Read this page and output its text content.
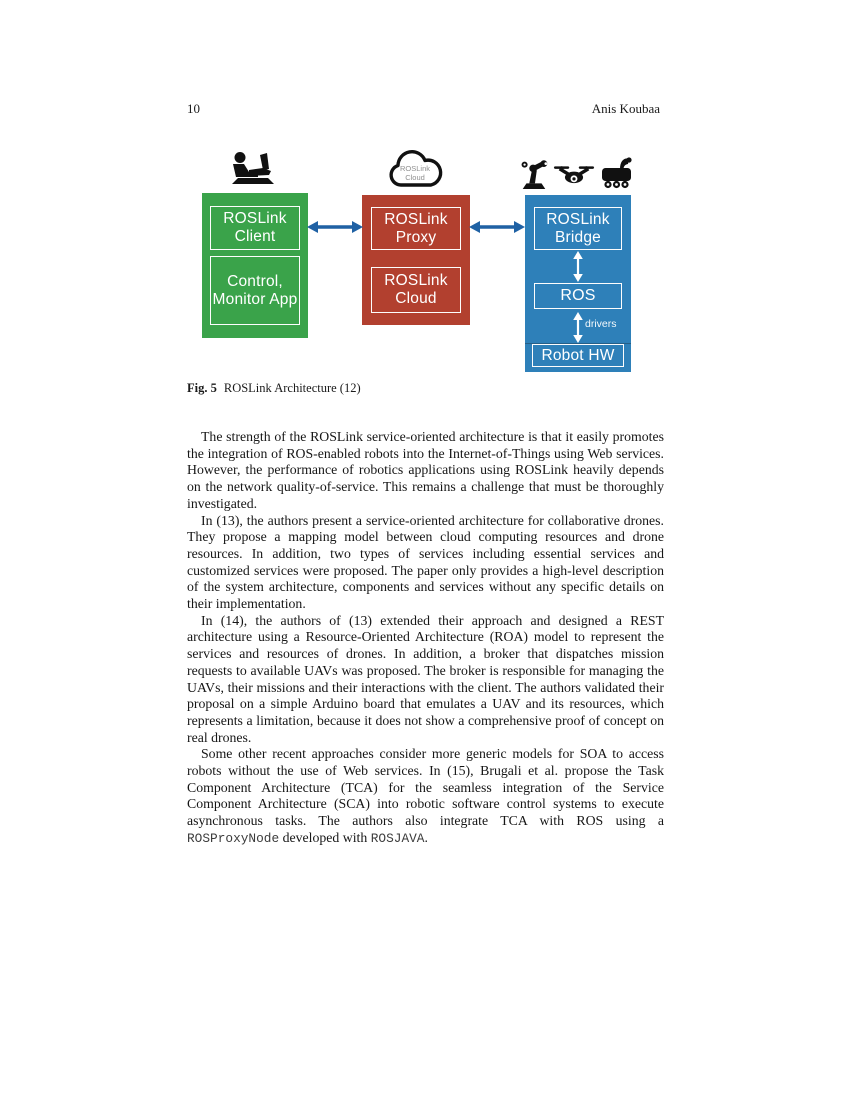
10	Anis Koubaa
ROSLink
Cloud
ROSLink Client
Control, Monitor App
ROSLink Proxy
ROSLink Cloud
ROSLink Bridge
ROS
drivers
Robot HW
Fig. 5 ROSLink Architecture (12)

The strength of the ROSLink service-oriented architecture is that it easily promotes the integration of ROS-enabled robots into the Internet-of-Things using Web services. However, the performance of robotics applications using ROSLink heavily depends on the network quality-of-service. This remains a challenge that must be thoroughly investigated.

In (13), the authors present a service-oriented architecture for collaborative drones. They propose a mapping model between cloud computing resources and drone resources. In addition, two types of services including essential services and customized services were proposed. The paper only provides a high-level description of the system architecture, components and services without any specific details on their implementation.

In (14), the authors of (13) extended their approach and designed a REST architecture using a Resource-Oriented Architecture (ROA) model to represent the services and resources of drones. In addition, a broker that dispatches mission requests to available UAVs was proposed. The broker is responsible for managing the UAVs, their missions and their interactions with the client. The authors validated their proposal on a simple Arduino board that emulates a UAV and its resources, which represents a limitation, because it does not show a comprehensive proof of concept on real drones.

Some other recent approaches consider more generic models for SOA to access robots without the use of Web services. In (15), Brugali et al. propose the Task Component Architecture (TCA) for the seamless integration of the Service Component Architecture (SCA) into robotic software control systems to execute asynchronous tasks. The authors also integrate TCA with ROS using a ROSProxyNode developed with ROSJAVA.
